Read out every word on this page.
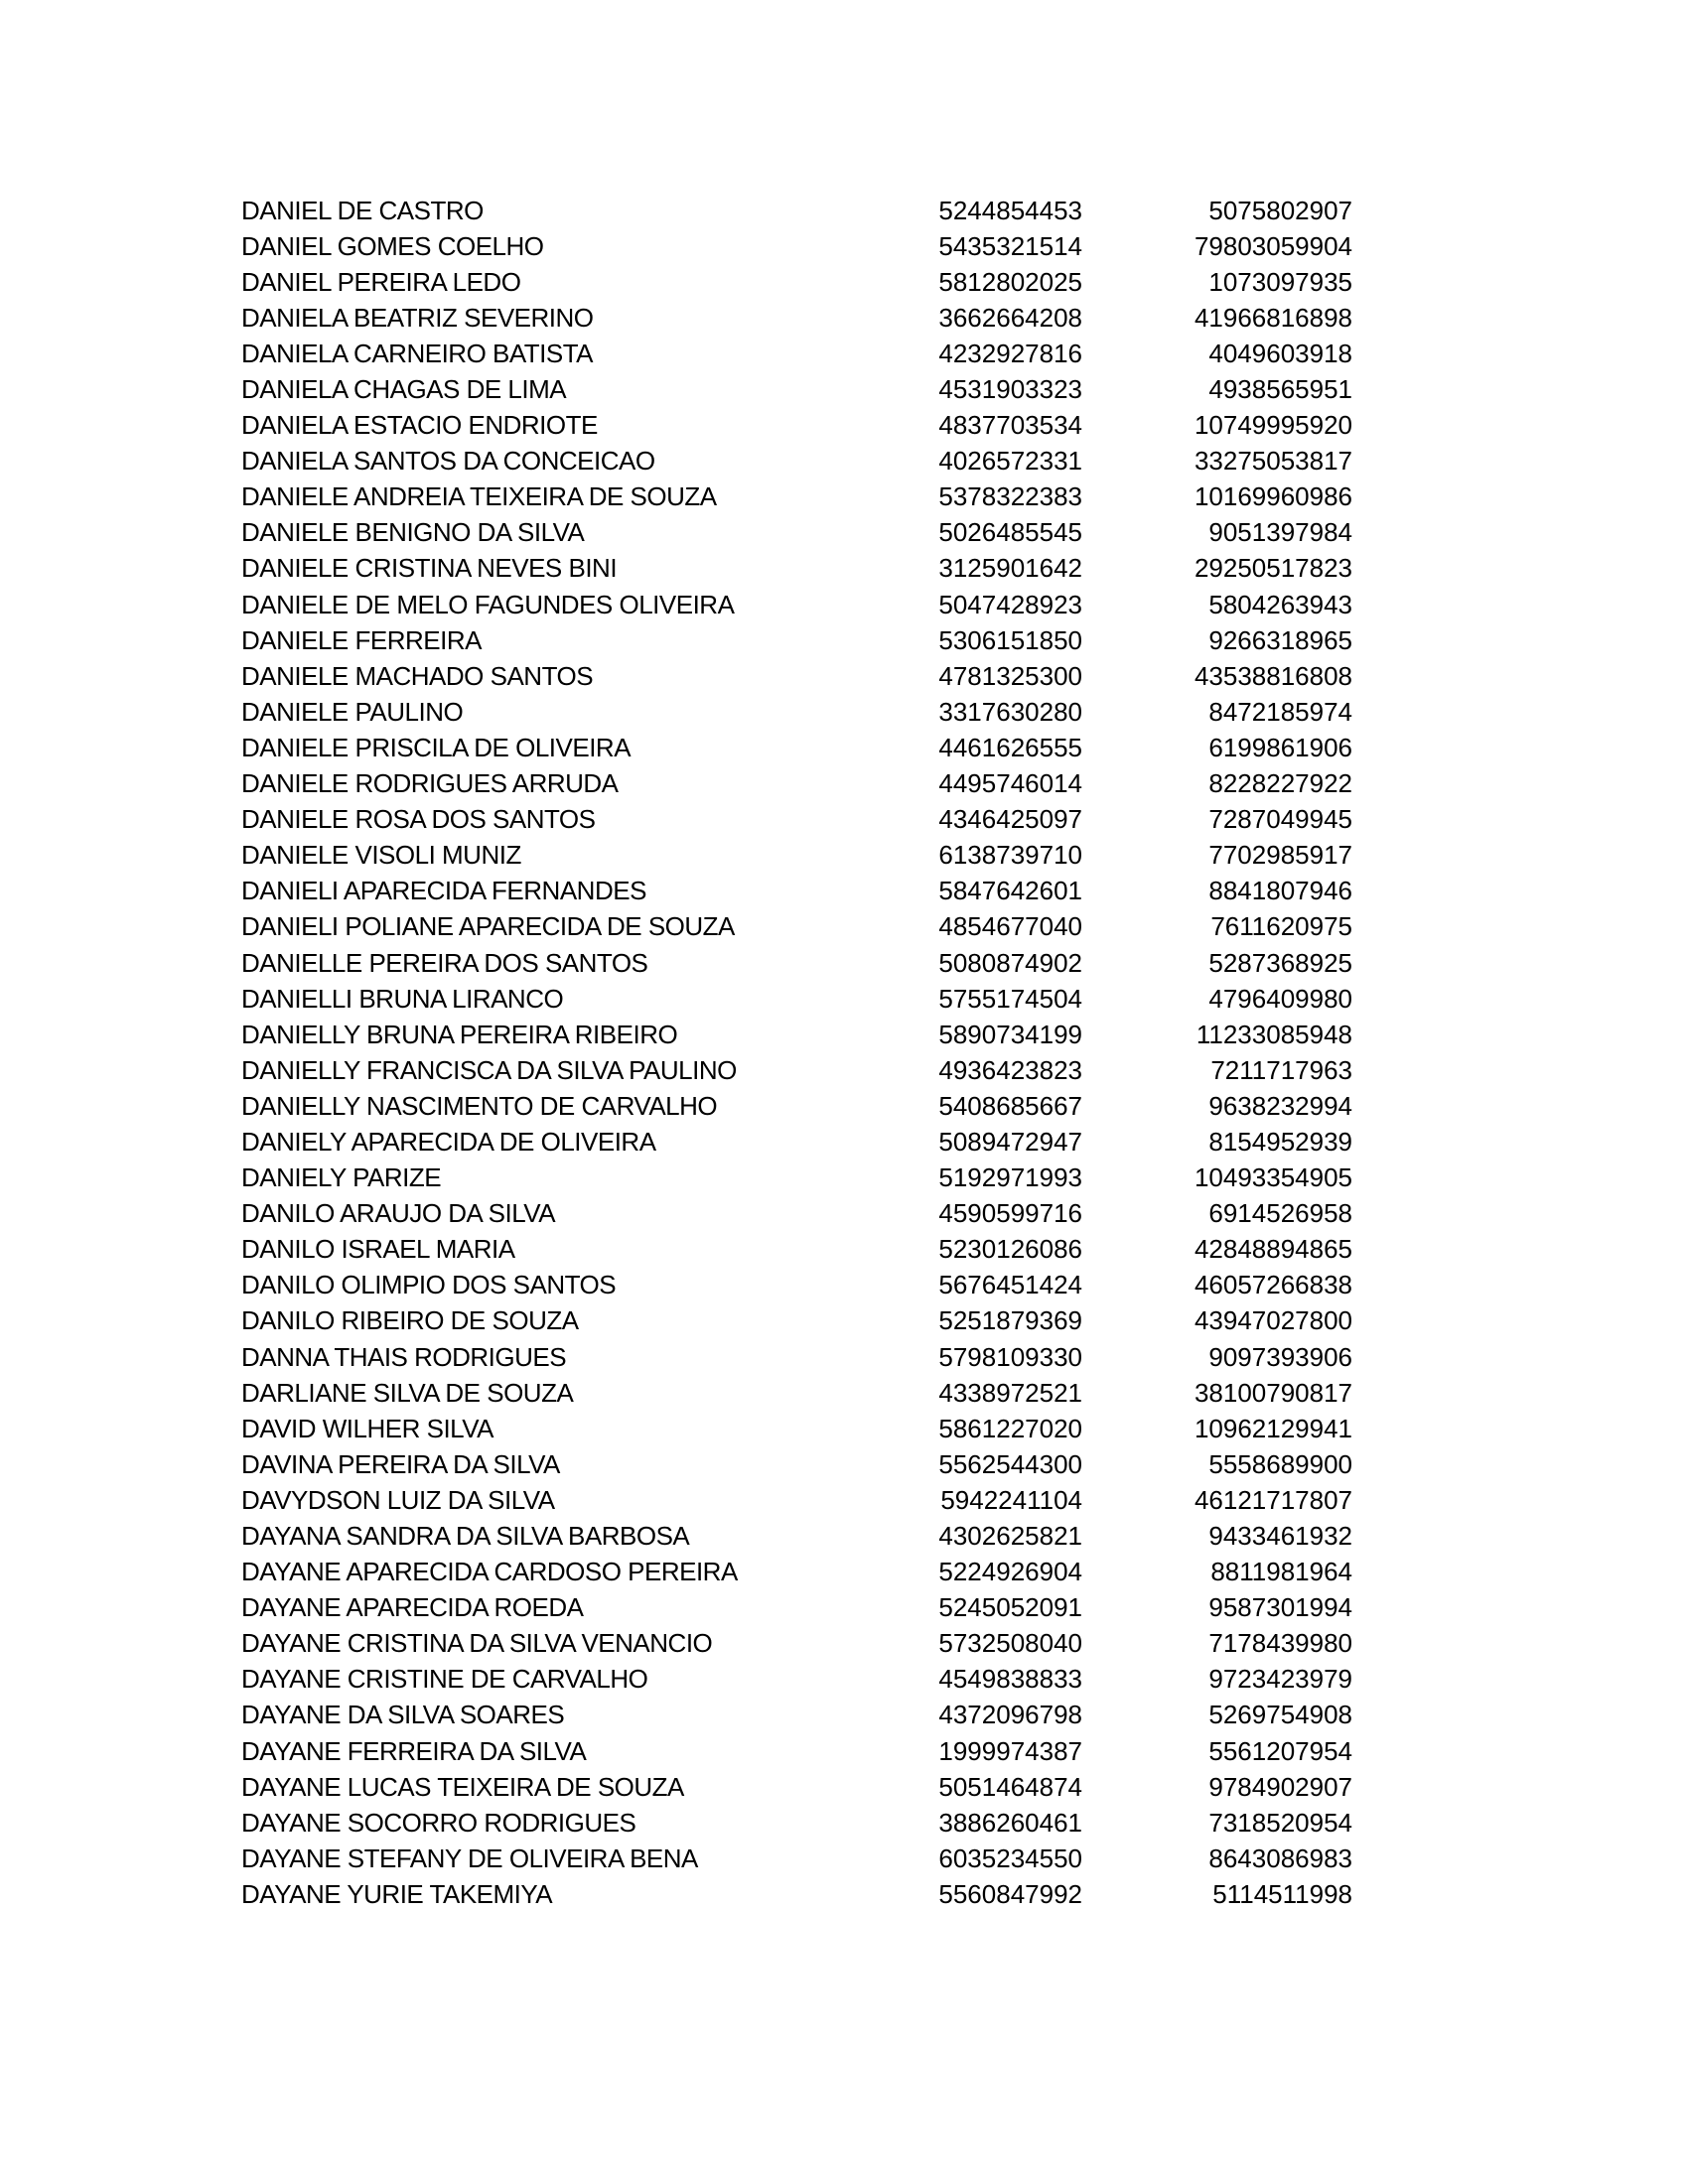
DANIEL DE CASTRO	5244854453	5075802907
DANIEL GOMES COELHO	5435321514	79803059904
DANIEL PEREIRA LEDO	5812802025	1073097935
DANIELA BEATRIZ SEVERINO	3662664208	41966816898
DANIELA CARNEIRO BATISTA	4232927816	4049603918
DANIELA CHAGAS DE LIMA	4531903323	4938565951
DANIELA ESTACIO ENDRIOTE	4837703534	10749995920
DANIELA SANTOS DA CONCEICAO	4026572331	33275053817
DANIELE ANDREIA TEIXEIRA DE SOUZA	5378322383	10169960986
DANIELE BENIGNO DA SILVA	5026485545	9051397984
DANIELE CRISTINA NEVES BINI	3125901642	29250517823
DANIELE DE MELO FAGUNDES OLIVEIRA	5047428923	5804263943
DANIELE FERREIRA	5306151850	9266318965
DANIELE MACHADO SANTOS	4781325300	43538816808
DANIELE PAULINO	3317630280	8472185974
DANIELE PRISCILA DE OLIVEIRA	4461626555	6199861906
DANIELE RODRIGUES ARRUDA	4495746014	8228227922
DANIELE ROSA DOS SANTOS	4346425097	7287049945
DANIELE VISOLI MUNIZ	6138739710	7702985917
DANIELI APARECIDA FERNANDES	5847642601	8841807946
DANIELI POLIANE APARECIDA DE SOUZA	4854677040	7611620975
DANIELLE PEREIRA DOS SANTOS	5080874902	5287368925
DANIELLI BRUNA LIRANCO	5755174504	4796409980
DANIELLY BRUNA PEREIRA RIBEIRO	5890734199	11233085948
DANIELLY FRANCISCA DA SILVA PAULINO	4936423823	7211717963
DANIELLY NASCIMENTO DE CARVALHO	5408685667	9638232994
DANIELY APARECIDA DE OLIVEIRA	5089472947	8154952939
DANIELY PARIZE	5192971993	10493354905
DANILO ARAUJO DA SILVA	4590599716	6914526958
DANILO ISRAEL MARIA	5230126086	42848894865
DANILO OLIMPIO DOS SANTOS	5676451424	46057266838
DANILO RIBEIRO DE SOUZA	5251879369	43947027800
DANNA THAIS RODRIGUES	5798109330	9097393906
DARLIANE SILVA DE SOUZA	4338972521	38100790817
DAVID WILHER SILVA	5861227020	10962129941
DAVINA PEREIRA DA SILVA	5562544300	5558689900
DAVYDSON LUIZ DA SILVA	5942241104	46121717807
DAYANA SANDRA DA SILVA BARBOSA	4302625821	9433461932
DAYANE APARECIDA CARDOSO PEREIRA	5224926904	8811981964
DAYANE APARECIDA ROEDA	5245052091	9587301994
DAYANE CRISTINA DA SILVA VENANCIO	5732508040	7178439980
DAYANE CRISTINE DE CARVALHO	4549838833	9723423979
DAYANE DA SILVA SOARES	4372096798	5269754908
DAYANE FERREIRA DA SILVA	1999974387	5561207954
DAYANE LUCAS TEIXEIRA DE SOUZA	5051464874	9784902907
DAYANE SOCORRO RODRIGUES	3886260461	7318520954
DAYANE STEFANY DE OLIVEIRA BENA	6035234550	8643086983
DAYANE YURIE TAKEMIYA	5560847992	5114511998
